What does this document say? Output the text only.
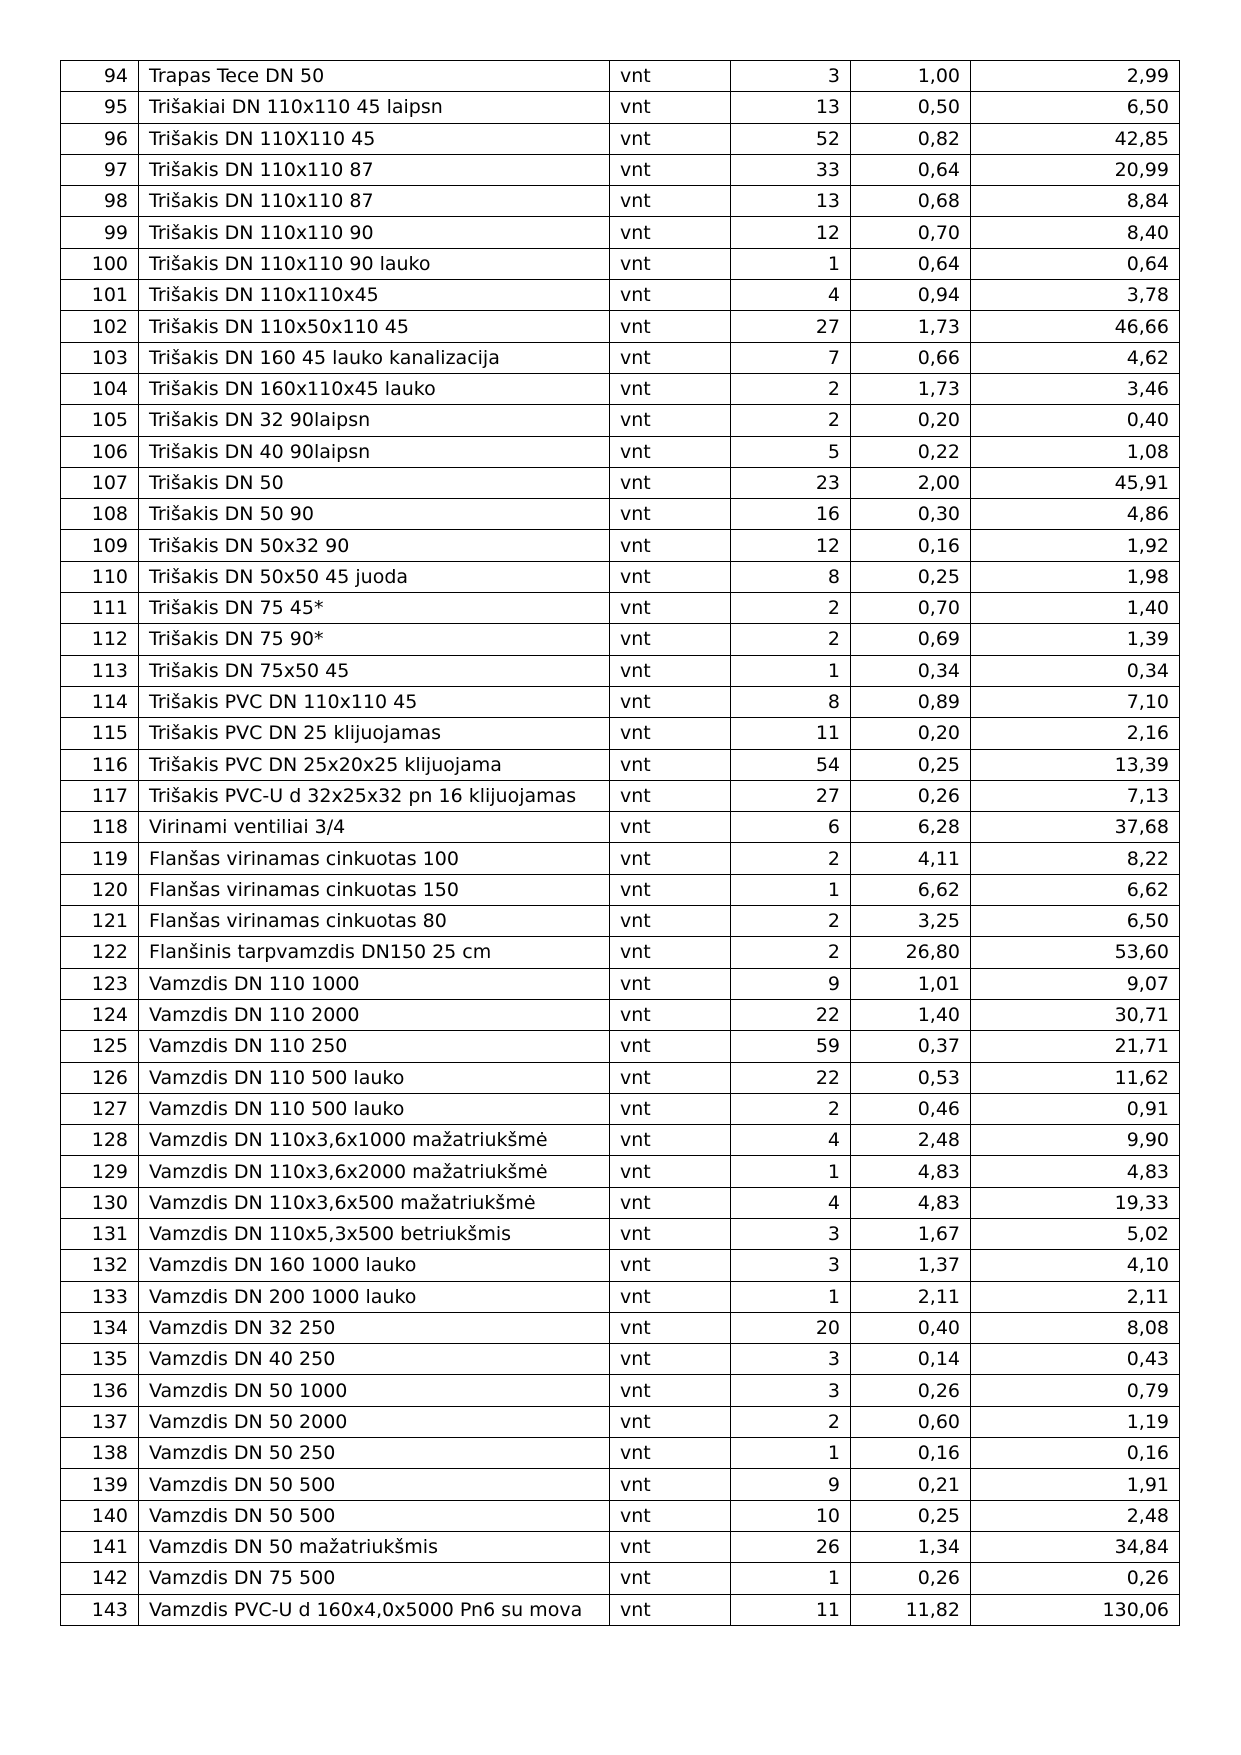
94	Trapas Tece DN 50	vnt	3	1,00	2,99
95	Trišakiai DN 110x110 45 laipsn	vnt	13	0,50	6,50
96	Trišakis DN 110X110 45	vnt	52	0,82	42,85
97	Trišakis DN 110x110 87	vnt	33	0,64	20,99
98	Trišakis DN 110x110 87	vnt	13	0,68	8,84
99	Trišakis DN 110x110 90	vnt	12	0,70	8,40
100	Trišakis DN 110x110 90 lauko	vnt	1	0,64	0,64
101	Trišakis DN 110x110x45	vnt	4	0,94	3,78
102	Trišakis DN 110x50x110 45	vnt	27	1,73	46,66
103	Trišakis DN 160 45 lauko kanalizacija	vnt	7	0,66	4,62
104	Trišakis DN 160x110x45 lauko	vnt	2	1,73	3,46
105	Trišakis DN 32 90laipsn	vnt	2	0,20	0,40
106	Trišakis DN 40 90laipsn	vnt	5	0,22	1,08
107	Trišakis DN 50	vnt	23	2,00	45,91
108	Trišakis DN 50 90	vnt	16	0,30	4,86
109	Trišakis DN 50x32 90	vnt	12	0,16	1,92
110	Trišakis DN 50x50 45 juoda	vnt	8	0,25	1,98
111	Trišakis DN 75 45*	vnt	2	0,70	1,40
112	Trišakis DN 75 90*	vnt	2	0,69	1,39
113	Trišakis DN 75x50 45	vnt	1	0,34	0,34
114	Trišakis PVC DN 110x110 45	vnt	8	0,89	7,10
115	Trišakis PVC DN 25 klijuojamas	vnt	11	0,20	2,16
116	Trišakis PVC DN 25x20x25 klijuojama	vnt	54	0,25	13,39
117	Trišakis PVC-U d 32x25x32 pn 16 klijuojamas	vnt	27	0,26	7,13
118	Virinami ventiliai 3/4	vnt	6	6,28	37,68
119	Flanšas virinamas cinkuotas 100	vnt	2	4,11	8,22
120	Flanšas virinamas cinkuotas 150	vnt	1	6,62	6,62
121	Flanšas virinamas cinkuotas 80	vnt	2	3,25	6,50
122	Flanšinis tarpvamzdis DN150 25 cm	vnt	2	26,80	53,60
123	Vamzdis DN 110 1000	vnt	9	1,01	9,07
124	Vamzdis DN 110 2000	vnt	22	1,40	30,71
125	Vamzdis DN 110 250	vnt	59	0,37	21,71
126	Vamzdis DN 110 500 lauko	vnt	22	0,53	11,62
127	Vamzdis DN 110 500 lauko	vnt	2	0,46	0,91
128	Vamzdis DN 110x3,6x1000 mažatriukšmė	vnt	4	2,48	9,90
129	Vamzdis DN 110x3,6x2000 mažatriukšmė	vnt	1	4,83	4,83
130	Vamzdis DN 110x3,6x500 mažatriukšmė	vnt	4	4,83	19,33
131	Vamzdis DN 110x5,3x500 betriukšmis	vnt	3	1,67	5,02
132	Vamzdis DN 160 1000 lauko	vnt	3	1,37	4,10
133	Vamzdis DN 200 1000 lauko	vnt	1	2,11	2,11
134	Vamzdis DN 32 250	vnt	20	0,40	8,08
135	Vamzdis DN 40 250	vnt	3	0,14	0,43
136	Vamzdis DN 50 1000	vnt	3	0,26	0,79
137	Vamzdis DN 50 2000	vnt	2	0,60	1,19
138	Vamzdis DN 50 250	vnt	1	0,16	0,16
139	Vamzdis DN 50 500	vnt	9	0,21	1,91
140	Vamzdis DN 50 500	vnt	10	0,25	2,48
141	Vamzdis DN 50 mažatriukšmis	vnt	26	1,34	34,84
142	Vamzdis DN 75 500	vnt	1	0,26	0,26
143	Vamzdis PVC-U d 160x4,0x5000 Pn6 su mova	vnt	11	11,82	130,06
